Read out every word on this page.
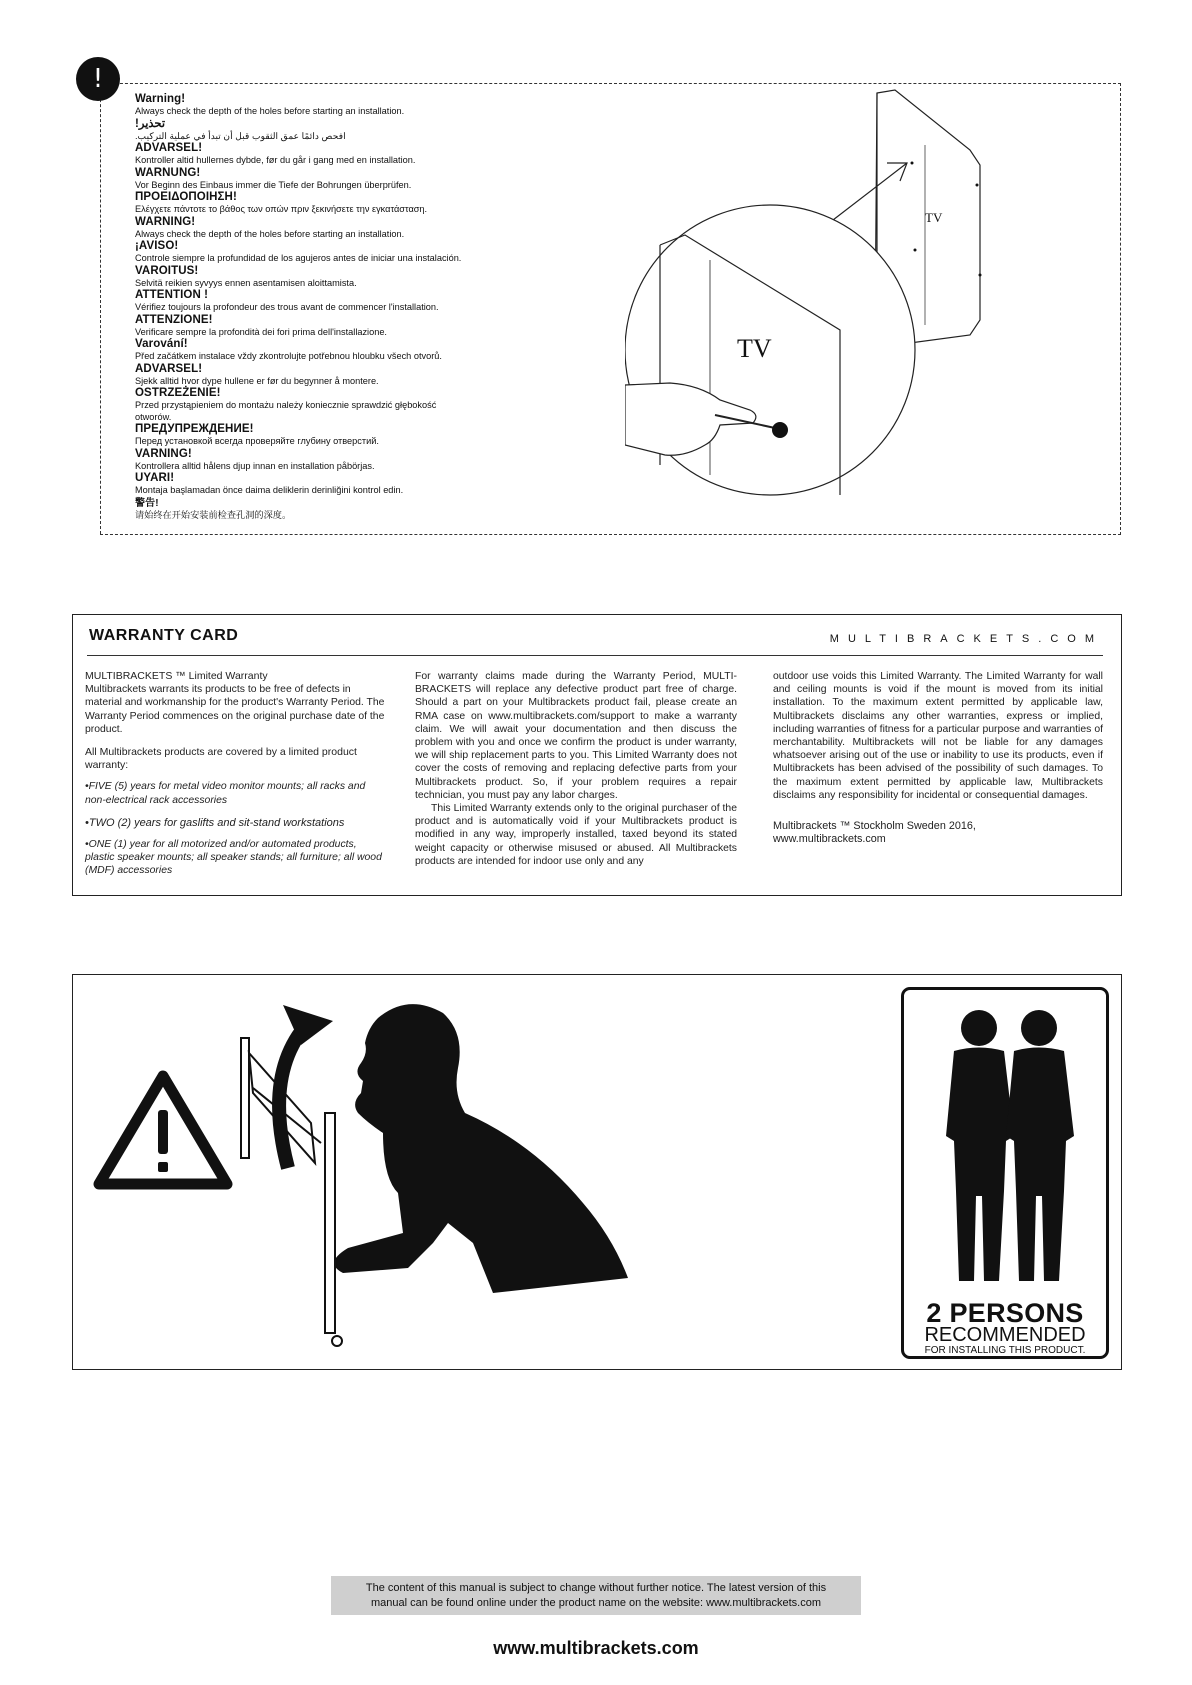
!
Warning!
Always check the depth of the holes before starting an installation.
!تحذير
افحص دائمًا عمق الثقوب قبل أن تبدأ في عملية التركيب.
ADVARSEL!
Kontroller altid hullernes dybde, før du går i gang med en installation.
WARNUNG!
Vor Beginn des Einbaus immer die Tiefe der Bohrungen überprüfen.
ΠΡΟΕΙΔΟΠΟΙΗΣΗ!
Ελέγχετε πάντοτε το βάθος των οπών πριν ξεκινήσετε την εγκατάσταση.
WARNING!
Always check the depth of the holes before starting an installation.
¡AVISO!
Controle siempre la profundidad de los agujeros antes de iniciar una instalación.
VAROITUS!
Selvitä reikien syvyys ennen asentamisen aloittamista.
ATTENTION !
Vérifiez toujours la profondeur des trous avant de commencer l'installation.
ATTENZIONE!
Verificare sempre la profondità dei fori prima dell'installazione.
Varování!
Před začátkem instalace vždy zkontrolujte potřebnou hloubku všech otvorů.
ADVARSEL!
Sjekk alltid hvor dype hullene er før du begynner å montere.
OSTRZEŻENIE!
Przed przystąpieniem do montażu należy koniecznie sprawdzić głębokość otworów.
ПРЕДУПРЕЖДЕНИЕ!
Перед установкой всегда проверяйте глубину отверстий.
VARNING!
Kontrollera alltid hålens djup innan en installation påbörjas.
UYARI!
Montaja başlamadan önce daima deliklerin derinliğini kontrol edin.
警告!
请始终在开始安装前检查孔洞的深度。
TV
TV
WARRANTY CARD	MULTIBRACKETS.COM

MULTIBRACKETS ™ Limited Warranty

Multibrackets warrants its products to be free of defects in material and workmanship for the product's Warranty Period. The Warranty Period commences on the original purchase date of the product.

All Multibrackets products are covered by a limited product warranty:

•FIVE (5) years for metal video monitor mounts; all racks and non-electrical rack accessories

•TWO (2) years for gaslifts and sit-stand workstations

•ONE (1) year for all motorized and/or automated products, plastic speaker mounts; all speaker stands; all furniture; all wood (MDF) accessories

For warranty claims made during the Warranty Period, MULTI-BRACKETS will replace any defective product part free of charge. Should a part on your Multibrackets product fail, please create an RMA case on www.multibrackets.com/support to make a warranty claim. We will await your documentation and then discuss the problem with you and once we confirm the product is under warranty, we will ship replacement parts to you. This Limited Warranty does not cover the costs of removing and replacing defective parts from your Multibrackets product. So, if your problem requires a repair technician, you must pay any labor charges.

This Limited Warranty extends only to the original purchaser of the product and is automatically void if your Multibrackets product is modified in any way, improperly installed, taxed beyond its stated weight capacity or otherwise misused or abused. All Multibrackets products are intended for indoor use only and any

outdoor use voids this Limited Warranty. The Limited Warranty for wall and ceiling mounts is void if the mount is moved from its initial installation. To the maximum extent permitted by applicable law, Multibrackets disclaims any other warranties, express or implied, including warranties of fitness for a particular purpose and warranties of merchantability. Multibrackets will not be liable for any damages whatsoever arising out of the use or inability to use its products, even if Multibrackets has been advised of the possibility of such damages. To the maximum extent permitted by applicable law, Multibrackets disclaims any responsibility for incidental or consequential damages.

Multibrackets ™ Stockholm Sweden 2016,

www.multibrackets.com

2 PERSONS
RECOMMENDED
FOR INSTALLING THIS PRODUCT.
The content of this manual is subject to change without further notice. The latest version of this
manual can be found online under the product name on the website: www.multibrackets.com
www.multibrackets.com
